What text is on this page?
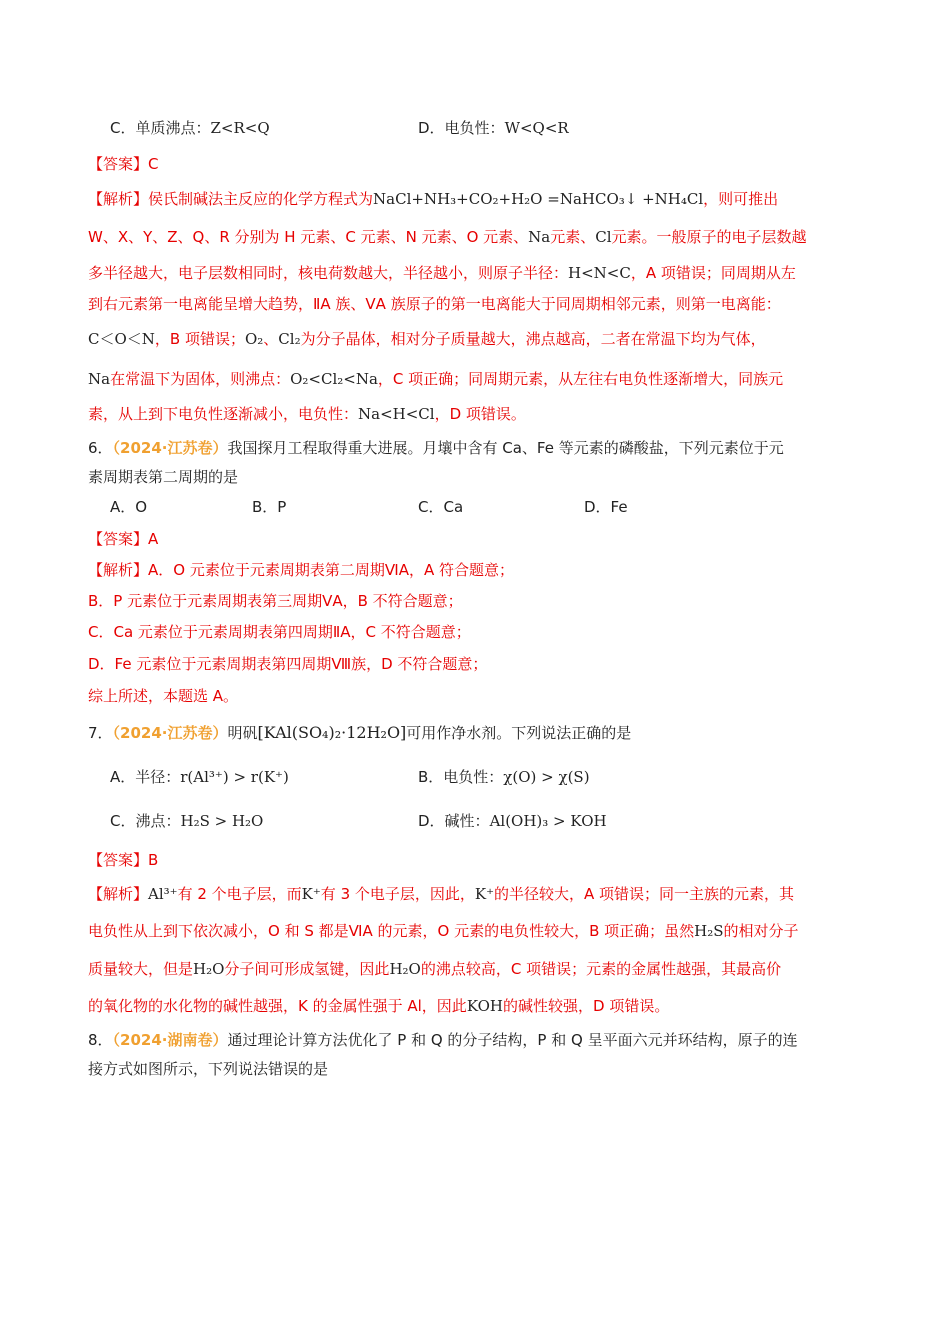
C．单质沸点：Z<R<Q	D．电负性：W<Q<R
【答案】C
【解析】侯氏制碱法主反应的化学方程式为NaCl+NH₃+CO₂+H₂O =NaHCO₃↓ +NH₄Cl，则可推出
W、X、Y、Z、Q、R 分别为 H 元素、C 元素、N 元素、O 元素、Na元素、Cl元素。一般原子的电子层数越
多半径越大，电子层数相同时，核电荷数越大，半径越小，则原子半径：H<N<C，A 项错误；同周期从左
到右元素第一电离能呈增大趋势，ⅡA 族、ⅤA 族原子的第一电离能大于同周期相邻元素，则第一电离能：
C＜O＜N，B 项错误；O₂、Cl₂为分子晶体，相对分子质量越大，沸点越高，二者在常温下均为气体，
Na在常温下为固体，则沸点：O₂<Cl₂<Na，C 项正确；同周期元素，从左往右电负性逐渐增大，同族元
素，从上到下电负性逐渐减小，电负性：Na<H<Cl，D 项错误。
6．（2024·江苏卷）我国探月工程取得重大进展。月壤中含有 Ca、Fe 等元素的磷酸盐，下列元素位于元
素周期表第二周期的是
A．O	B．P	C．Ca	D．Fe
【答案】A
【解析】A．O 元素位于元素周期表第二周期ⅥA，A 符合题意；
B．P 元素位于元素周期表第三周期ⅤA，B 不符合题意；
C．Ca 元素位于元素周期表第四周期ⅡA，C 不符合题意；
D．Fe 元素位于元素周期表第四周期Ⅷ族，D 不符合题意；
综上所述，本题选 A。
7．（2024·江苏卷）明矾[KAl(SO₄)₂·12H₂O]可用作净水剂。下列说法正确的是
A．半径：r(Al³⁺) > r(K⁺)	B．电负性：χ(O) > χ(S)
C．沸点：H₂S > H₂O	D．碱性：Al(OH)₃ > KOH
【答案】B
【解析】Al³⁺有 2 个电子层，而K⁺有 3 个电子层，因此，K⁺的半径较大，A 项错误；同一主族的元素，其
电负性从上到下依次减小，O 和 S 都是ⅥA 的元素，O 元素的电负性较大，B 项正确；虽然H₂S的相对分子
质量较大，但是H₂O分子间可形成氢键，因此H₂O的沸点较高，C 项错误；元素的金属性越强，其最高价
的氧化物的水化物的碱性越强，K 的金属性强于 Al，因此KOH的碱性较强，D 项错误。
8．（2024·湖南卷）通过理论计算方法优化了 P 和 Q 的分子结构，P 和 Q 呈平面六元并环结构，原子的连
接方式如图所示，下列说法错误的是
